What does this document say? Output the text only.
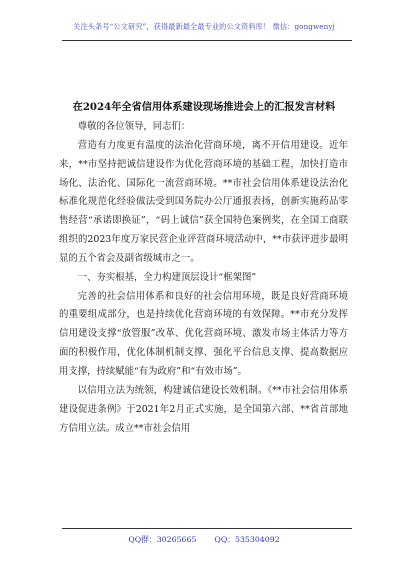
关注头条号“公文研究”，获得最新最全最专业的公文资料库！ 微信：gongwenyj
在2024年全省信用体系建设现场推进会上的汇报发言材料

尊敬的各位领导，同志们：

营造有力度更有温度的法治化营商环境，离不开信用建设。近年来，**市坚持把诚信建设作为优化营商环境的基础工程，加快打造市场化、法治化、国际化一流营商环境。**市社会信用体系建设法治化标准化规范化经验做法受到国务院办公厅通报表扬，创新实施药品零售经营“承诺即换证”，“码上诚信”获全国特色案例奖，在全国工商联组织的2023年度万家民营企业评营商环境活动中，**市获评进步最明显的五个省会及副省级城市之一。

一、夯实根基，全力构建顶层设计“框架图”

完善的社会信用体系和良好的社会信用环境，既是良好营商环境的重要组成部分，也是持续优化营商环境的有效保障。**市充分发挥信用建设支撑“放管服”改革、优化营商环境、激发市场主体活力等方面的积极作用，优化体制机制支撑、强化平台信息支撑、提高数据应用支撑，持续赋能“有为政府”和“有效市场”。

以信用立法为统领，构建诚信建设长效机制。《**市社会信用体系建设促进条例》于2021年2月正式实施，是全国第六部、**省首部地方信用立法。成立**市社会信用

QQ群：30265665 QQ：535304092
